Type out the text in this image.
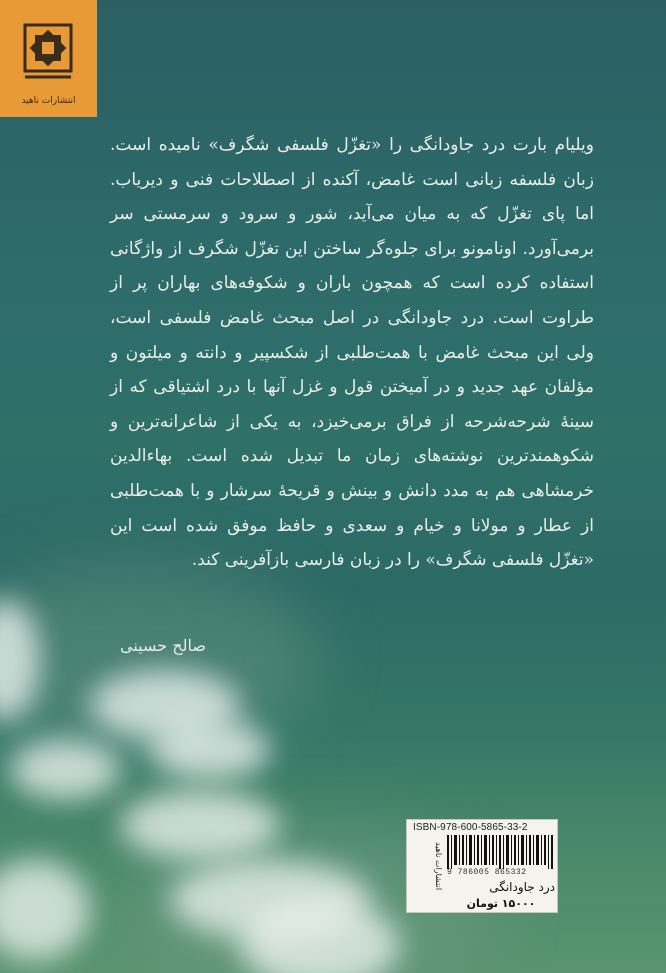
انتشارات ناهید
ویلیام بارت درد جاودانگی را «تغزّل فلسفی شگرف» نامیده است. زبان فلسفه زبانی است غامض، آکنده از اصطلاحات فنی و دیریاب. اما پای تغزّل که به میان می‌آید، شور و سرود و سرمستی سر برمی‌آورد. اونامونو برای جلوه‌گر ساختن این تغزّل شگرف از واژگانی استفاده کرده است که همچون باران و شکوفه‌های بهاران پر از طراوت است. درد جاودانگی در اصل مبحث غامض فلسفی است، ولی این مبحث غامض با همت‌طلبی از شکسپیر و دانته و میلتون و مؤلفان عهد جدید و در آمیختن قول و غزل آنها با درد اشتیاقی که از سینهٔ شرحه‌شرحه از فراق برمی‌خیزد، به یکی از شاعرانه‌ترین و شکوهمندترین نوشته‌های زمان ما تبدیل شده است. بهاءالدین خرمشاهی هم به مدد دانش و بینش و قریحهٔ سرشار و با همت‌طلبی از عطار و مولانا و خیام و سعدی و حافظ موفق شده است این «تغزّل فلسفی شگرف» را در زبان فارسی بازآفرینی کند.
صالح حسینی
ISBN-978-600-5865-33-2
9 786005 865332
انتشارات ناهید	درد جاودانگی
۱۵۰۰۰ تومان
